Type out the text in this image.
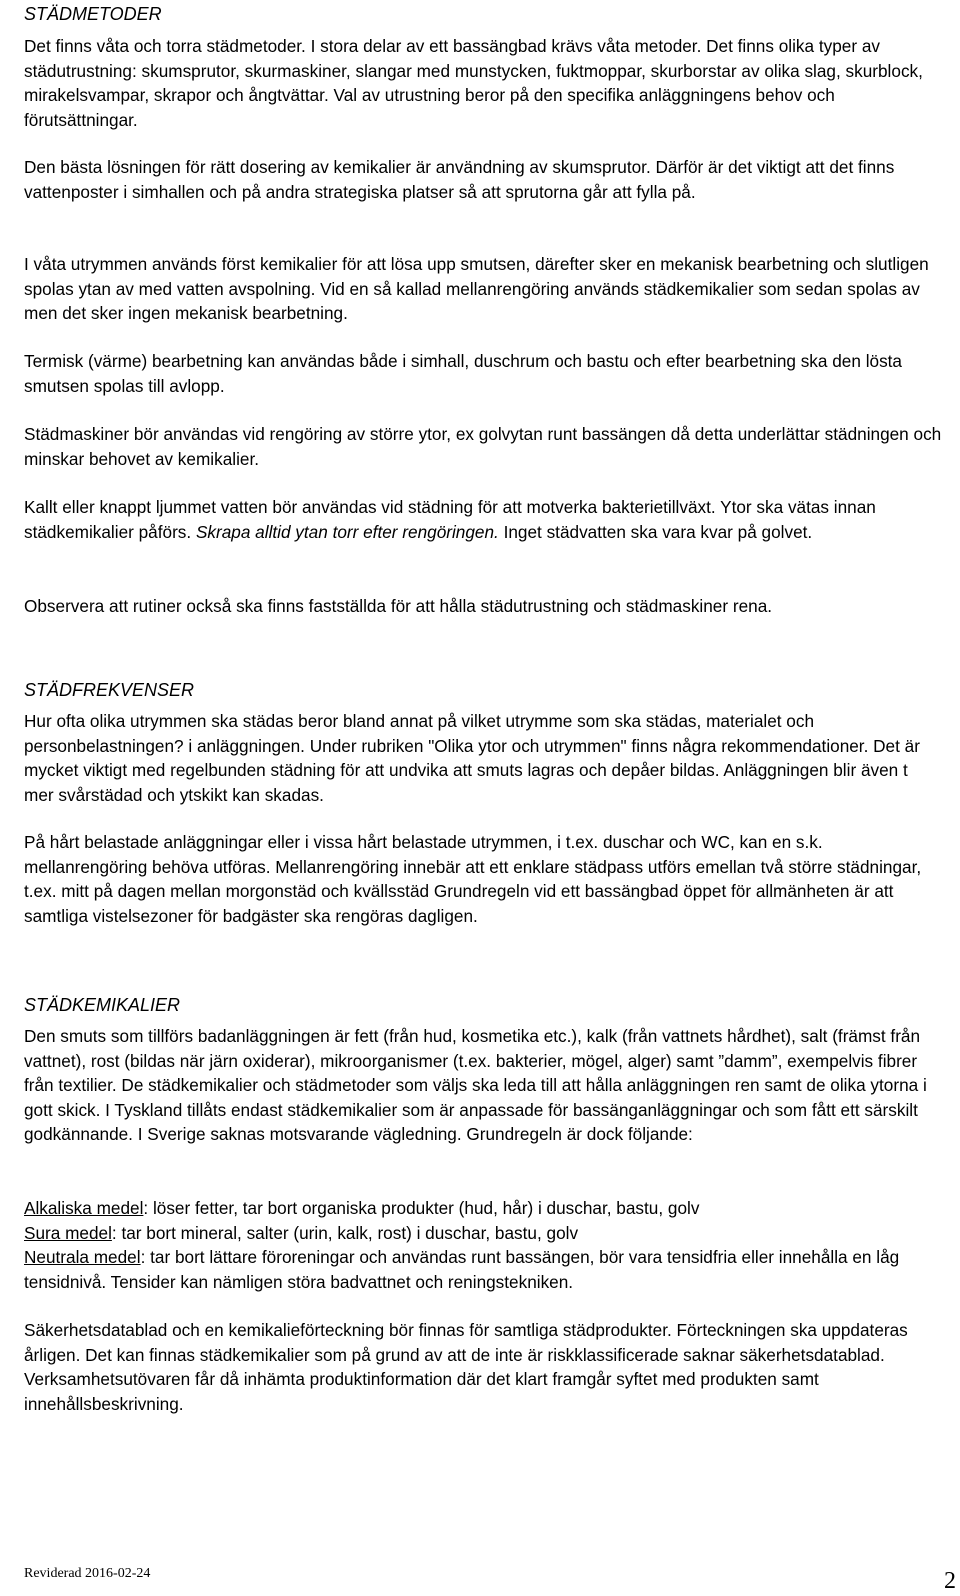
STÄDMETODER

Det finns våta och torra städmetoder. I stora delar av ett bassängbad krävs våta metoder. Det finns olika typer av städutrustning: skumsprutor, skurmaskiner, slangar med munstycken, fuktmoppar, skurborstar av olika slag, skurblock, mirakelsvampar, skrapor och ångtvättar. Val av utrustning beror på den specifika anläggningens behov och förutsättningar.

Den bästa lösningen för rätt dosering av kemikalier är användning av skumsprutor. Därför är det viktigt att det finns vattenposter i simhallen och på andra strategiska platser så att sprutorna går att fylla på.

I våta utrymmen används först kemikalier för att lösa upp smutsen, därefter sker en mekanisk bearbetning och slutligen spolas ytan av med vatten avspolning. Vid en så kallad mellanrengöring används städkemikalier som sedan spolas av men det sker ingen mekanisk bearbetning.

Termisk (värme) bearbetning kan användas både i simhall, duschrum och bastu och efter bearbetning ska den lösta smutsen spolas till avlopp.

Städmaskiner bör användas vid rengöring av större ytor, ex golvytan runt bassängen då detta underlättar städningen och minskar behovet av kemikalier.

Kallt eller knappt ljummet vatten bör användas vid städning för att motverka bakterietillväxt. Ytor ska vätas innan städkemikalier påförs. Skrapa alltid ytan torr efter rengöringen. Inget städvatten ska vara kvar på golvet.

Observera att rutiner också ska finns fastställda för att hålla städutrustning och städmaskiner rena.

STÄDFREKVENSER

Hur ofta olika utrymmen ska städas beror bland annat på vilket utrymme som ska städas, materialet och personbelastningen? i anläggningen. Under rubriken "Olika ytor och utrymmen" finns några rekommendationer. Det är mycket viktigt med regelbunden städning för att undvika att smuts lagras och depåer bildas. Anläggningen blir även t mer svårstädad och ytskikt kan skadas.

På hårt belastade anläggningar eller i vissa hårt belastade utrymmen, i t.ex. duschar och WC, kan en s.k. mellanrengöring behöva utföras. Mellanrengöring innebär att ett enklare städpass utförs emellan två större städningar, t.ex. mitt på dagen mellan morgonstäd och kvällsstäd Grundregeln vid ett bassängbad öppet för allmänheten är att samtliga vistelsezoner för badgäster ska rengöras dagligen.

STÄDKEMIKALIER

Den smuts som tillförs badanläggningen är fett (från hud, kosmetika etc.), kalk (från vattnets hårdhet), salt (främst från vattnet), rost (bildas när järn oxiderar), mikroorganismer (t.ex. bakterier, mögel, alger) samt ”damm”, exempelvis fibrer från textilier. De städkemikalier och städmetoder som väljs ska leda till att hålla anläggningen ren samt de olika ytorna i gott skick. I Tyskland tillåts endast städkemikalier som är anpassade för bassänganläggningar och som fått ett särskilt godkännande. I Sverige saknas motsvarande vägledning. Grundregeln är dock följande:

Alkaliska medel: löser fetter, tar bort organiska produkter (hud, hår) i duschar, bastu, golv
Sura medel: tar bort mineral, salter (urin, kalk, rost) i duschar, bastu, golv
Neutrala medel: tar bort lättare föroreningar och användas runt bassängen, bör vara tensidfria eller innehålla en låg tensidnivå. Tensider kan nämligen störa badvattnet och reningstekniken.

Säkerhetsdatablad och en kemikalieförteckning bör finnas för samtliga städprodukter. Förteckningen ska uppdateras årligen. Det kan finnas städkemikalier som på grund av att de inte är riskklassificerade saknar säkerhetsdatablad. Verksamhetsutövaren får då inhämta produktinformation där det klart framgår syftet med produkten samt innehållsbeskrivning.

Reviderad 2016-02-24	2
